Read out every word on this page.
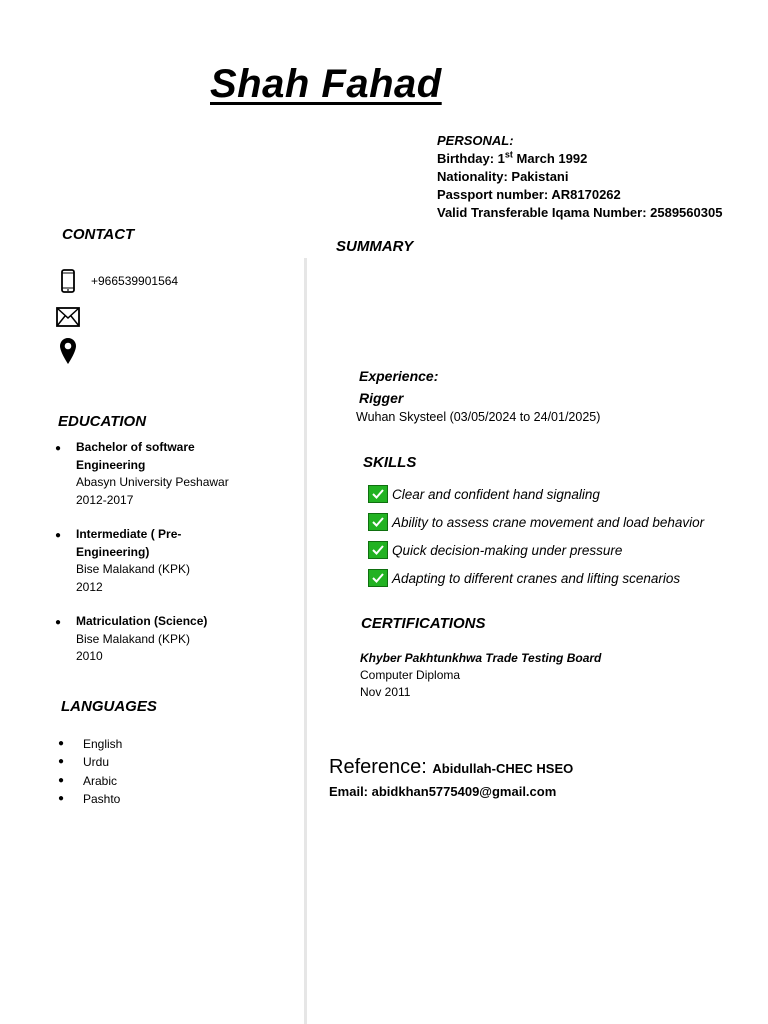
Shah Fahad
PERSONAL:
Birthday: 1st March 1992
Nationality: Pakistani
Passport number: AR8170262
Valid Transferable Iqama Number: 2589560305
CONTACT
+966539901564
SUMMARY
EDUCATION
●	Bachelor of software
Engineering
Abasyn University Peshawar
2012-2017
●	Intermediate ( Pre-
Engineering)
Bise Malakand (KPK)
2012
●	Matriculation (Science)
Bise Malakand (KPK)
2010
LANGUAGES
●	English
●	Urdu
●	Arabic
●	Pashto
Experience:
Rigger
Wuhan Skysteel (03/05/2024 to 24/01/2025)
SKILLS
Clear and confident hand signaling
Ability to assess crane movement and load behavior
Quick decision-making under pressure
Adapting to different cranes and lifting scenarios
CERTIFICATIONS
Khyber Pakhtunkhwa Trade Testing Board
Computer Diploma
Nov 2011
Reference: Abidullah-CHEC HSEO
Email: abidkhan5775409@gmail.com
